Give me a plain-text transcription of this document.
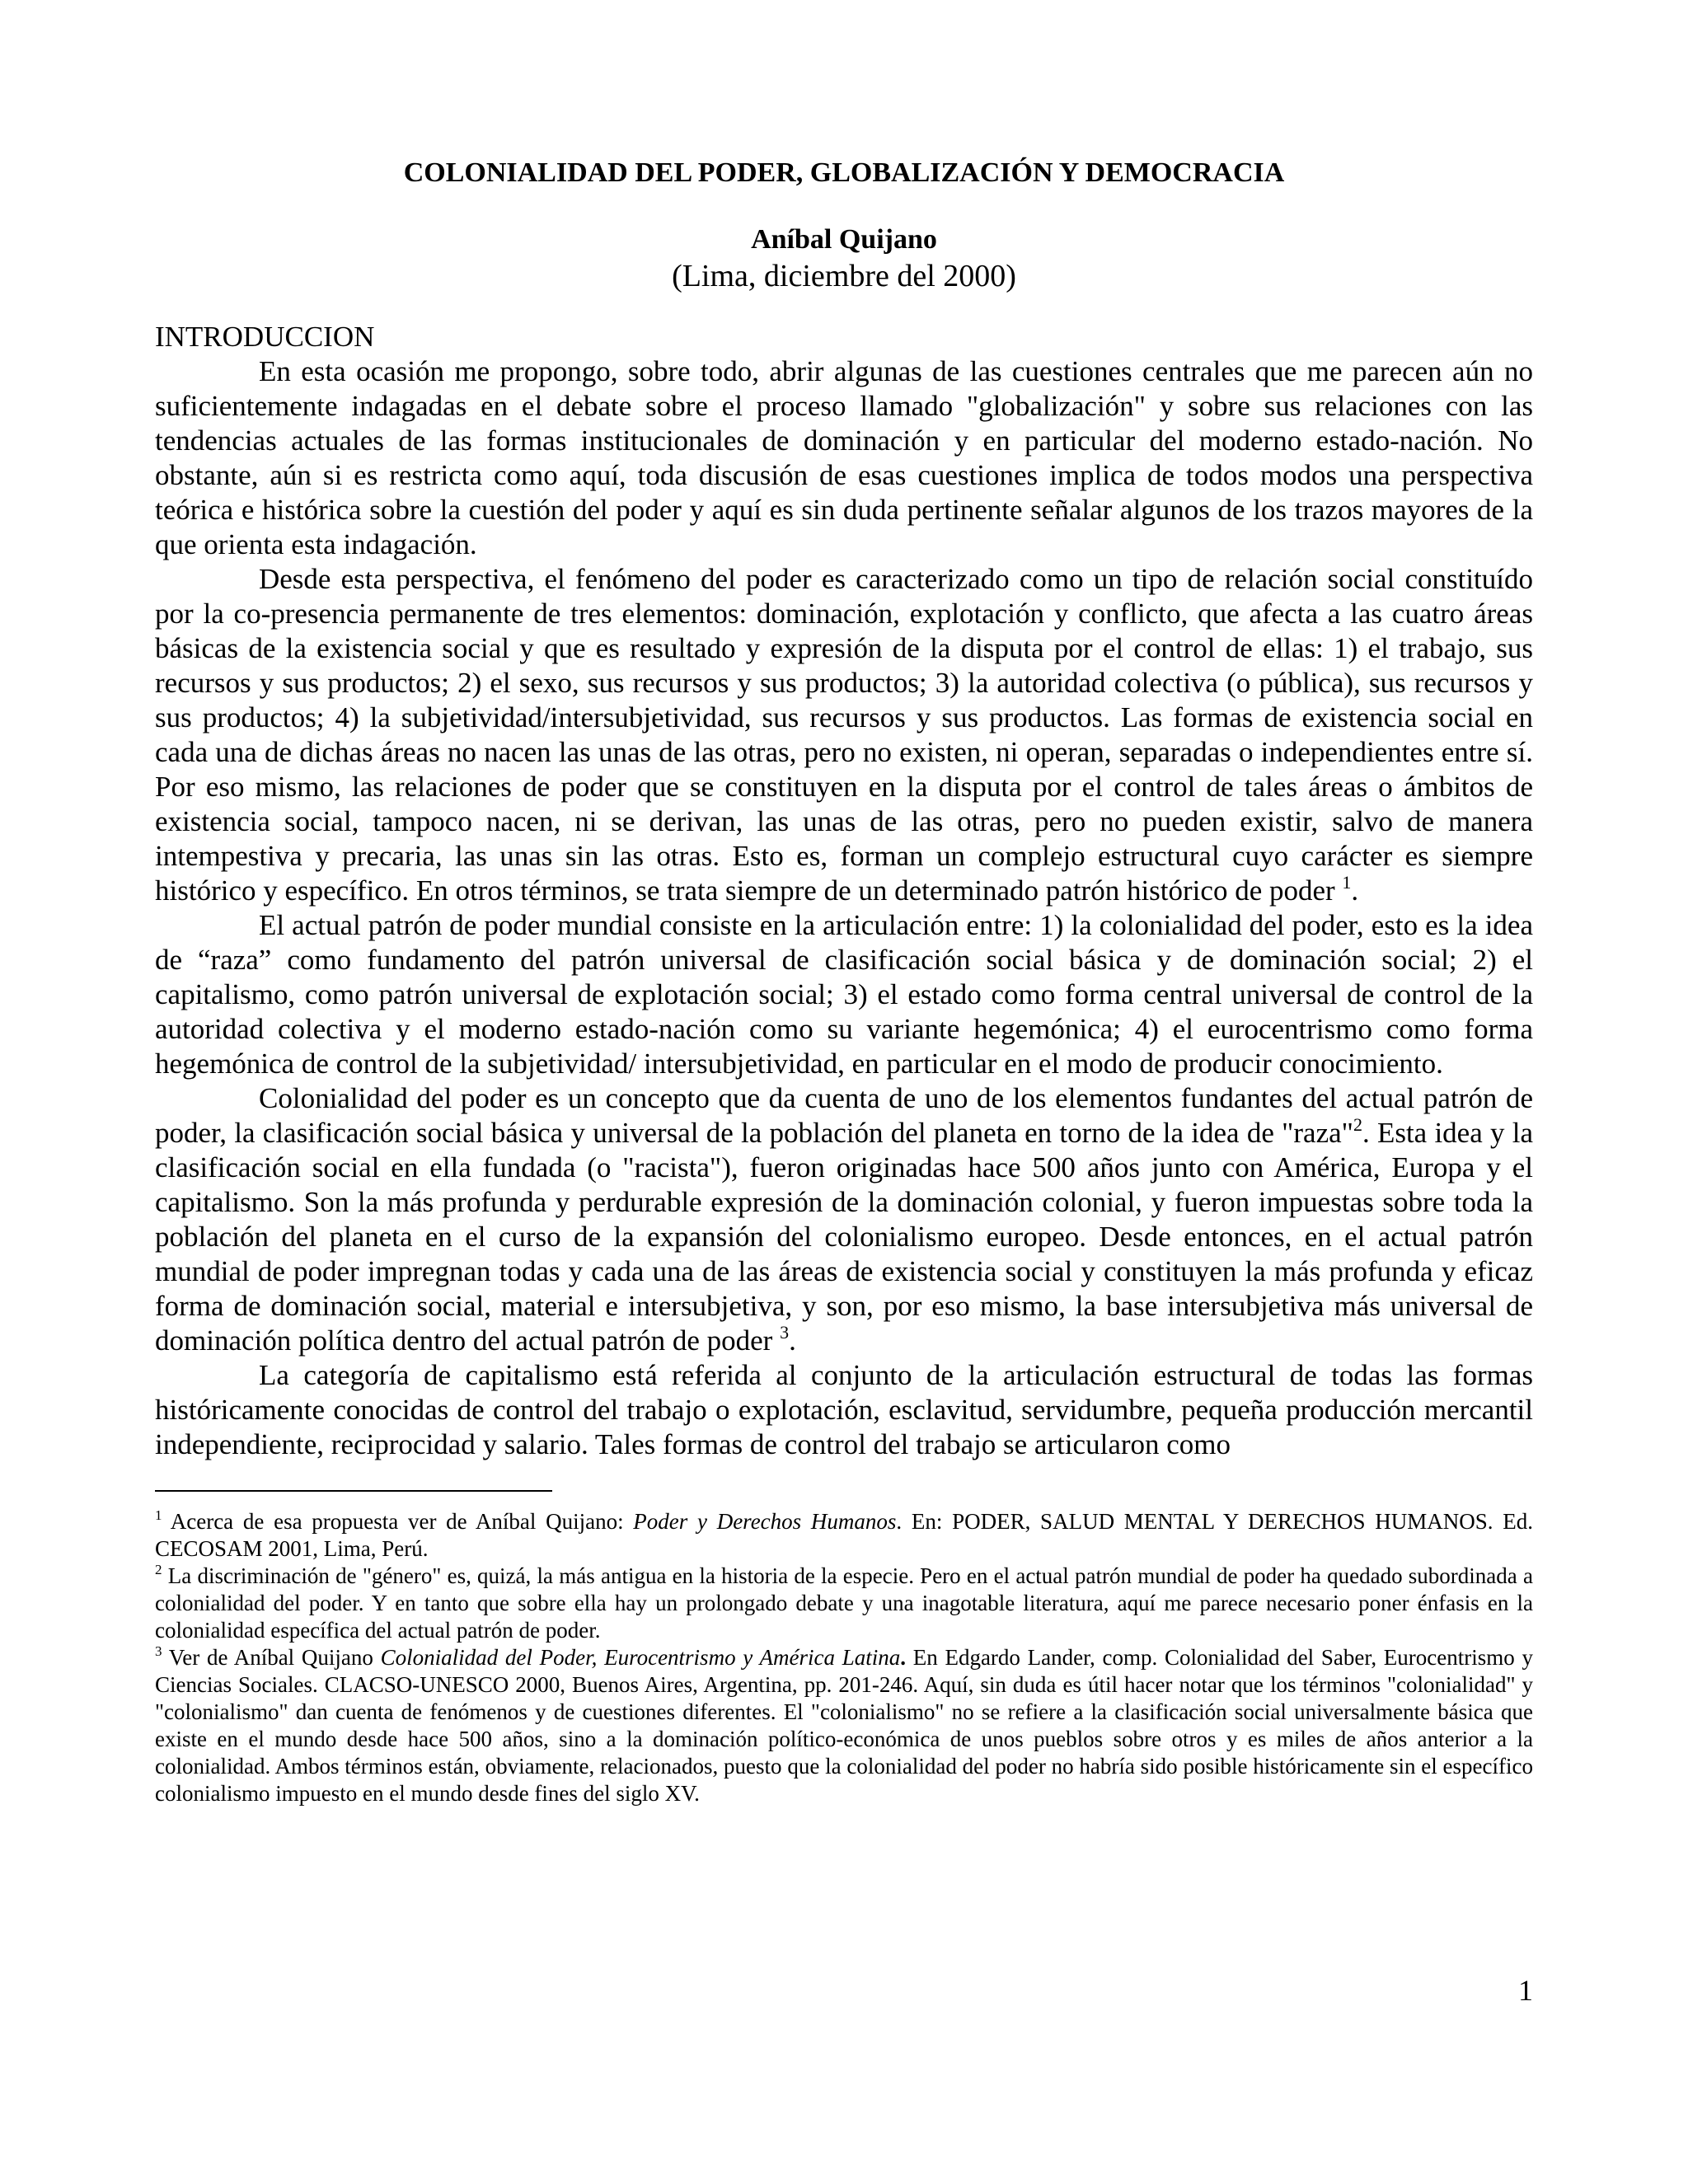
COLONIALIDAD DEL PODER, GLOBALIZACIÓN Y DEMOCRACIA

Aníbal Quijano

(Lima, diciembre del 2000)

INTRODUCCION

En esta ocasión me propongo, sobre todo, abrir algunas de las cuestiones centrales que me parecen aún no suficientemente indagadas en el debate sobre el proceso llamado "globalización" y sobre sus relaciones con las tendencias actuales de las formas institucionales de dominación y en particular del moderno estado-nación. No obstante, aún si es restricta como aquí, toda discusión de esas cuestiones implica de todos modos una perspectiva teórica e histórica sobre la cuestión del poder y aquí es sin duda pertinente señalar algunos de los trazos mayores de la que orienta esta indagación.

Desde esta perspectiva, el fenómeno del poder es caracterizado como un tipo de relación social constituído por la co-presencia permanente de tres elementos: dominación, explotación y conflicto, que afecta a las cuatro áreas básicas de la existencia social y que es resultado y expresión de la disputa por el control de ellas: 1) el trabajo, sus recursos y sus productos; 2) el sexo, sus recursos y sus productos; 3) la autoridad colectiva (o pública), sus recursos y sus productos; 4) la subjetividad/intersubjetividad, sus recursos y sus productos. Las formas de existencia social en cada una de dichas áreas no nacen las unas de las otras, pero no existen, ni operan, separadas o independientes entre sí. Por eso mismo, las relaciones de poder que se constituyen en la disputa por el control de tales áreas o ámbitos de existencia social, tampoco nacen, ni se derivan, las unas de las otras, pero no pueden existir, salvo de manera intempestiva y precaria, las unas sin las otras. Esto es, forman un complejo estructural cuyo carácter es siempre histórico y específico. En otros términos, se trata siempre de un determinado patrón histórico de poder $^1$.

El actual patrón de poder mundial consiste en la articulación entre: 1) la colonialidad del poder, esto es la idea de “raza” como fundamento del patrón universal de clasificación social básica y de dominación social; 2) el capitalismo, como patrón universal de explotación social; 3) el estado como forma central universal de control de la autoridad colectiva y el moderno estado-nación como su variante hegemónica; 4) el eurocentrismo como forma hegemónica de control de la subjetividad/ intersubjetividad, en particular en el modo de producir conocimiento.

Colonialidad del poder es un concepto que da cuenta de uno de los elementos fundantes del actual patrón de poder, la clasificación social básica y universal de la población del planeta en torno de la idea de "raza"$^2$. Esta idea y la clasificación social en ella fundada (o "racista"), fueron originadas hace 500 años junto con América, Europa y el capitalismo. Son la más profunda y perdurable expresión de la dominación colonial, y fueron impuestas sobre toda la población del planeta en el curso de la expansión del colonialismo europeo. Desde entonces, en el actual patrón mundial de poder impregnan todas y cada una de las áreas de existencia social y constituyen la más profunda y eficaz forma de dominación social, material e intersubjetiva, y son, por eso mismo, la base intersubjetiva más universal de dominación política dentro del actual patrón de poder $^3$.

La categoría de capitalismo está referida al conjunto de la articulación estructural de todas las formas históricamente conocidas de control del trabajo o explotación, esclavitud, servidumbre, pequeña producción mercantil independiente, reciprocidad y salario. Tales formas de control del trabajo se articularon como

$^1$ Acerca de esa propuesta ver de Aníbal Quijano: Poder y Derechos Humanos. En: PODER, SALUD MENTAL Y DERECHOS HUMANOS. Ed. CECOSAM 2001, Lima, Perú.

$^2$ La discriminación de "género" es, quizá, la más antigua en la historia de la especie. Pero en el actual patrón mundial de poder ha quedado subordinada a colonialidad del poder. Y en tanto que sobre ella hay un prolongado debate y una inagotable literatura, aquí me parece necesario poner énfasis en la colonialidad específica del actual patrón de poder.

$^3$ Ver de Aníbal Quijano Colonialidad del Poder, Eurocentrismo y América Latina. En Edgardo Lander, comp. Colonialidad del Saber, Eurocentrismo y Ciencias Sociales. CLACSO-UNESCO 2000, Buenos Aires, Argentina, pp. 201-246. Aquí, sin duda es útil hacer notar que los términos "colonialidad" y "colonialismo" dan cuenta de fenómenos y de cuestiones diferentes. El "colonialismo" no se refiere a la clasificación social universalmente básica que existe en el mundo desde hace 500 años, sino a la dominación político-económica de unos pueblos sobre otros y es miles de años anterior a la colonialidad. Ambos términos están, obviamente, relacionados, puesto que la colonialidad del poder no habría sido posible históricamente sin el específico colonialismo impuesto en el mundo desde fines del siglo XV.

1
